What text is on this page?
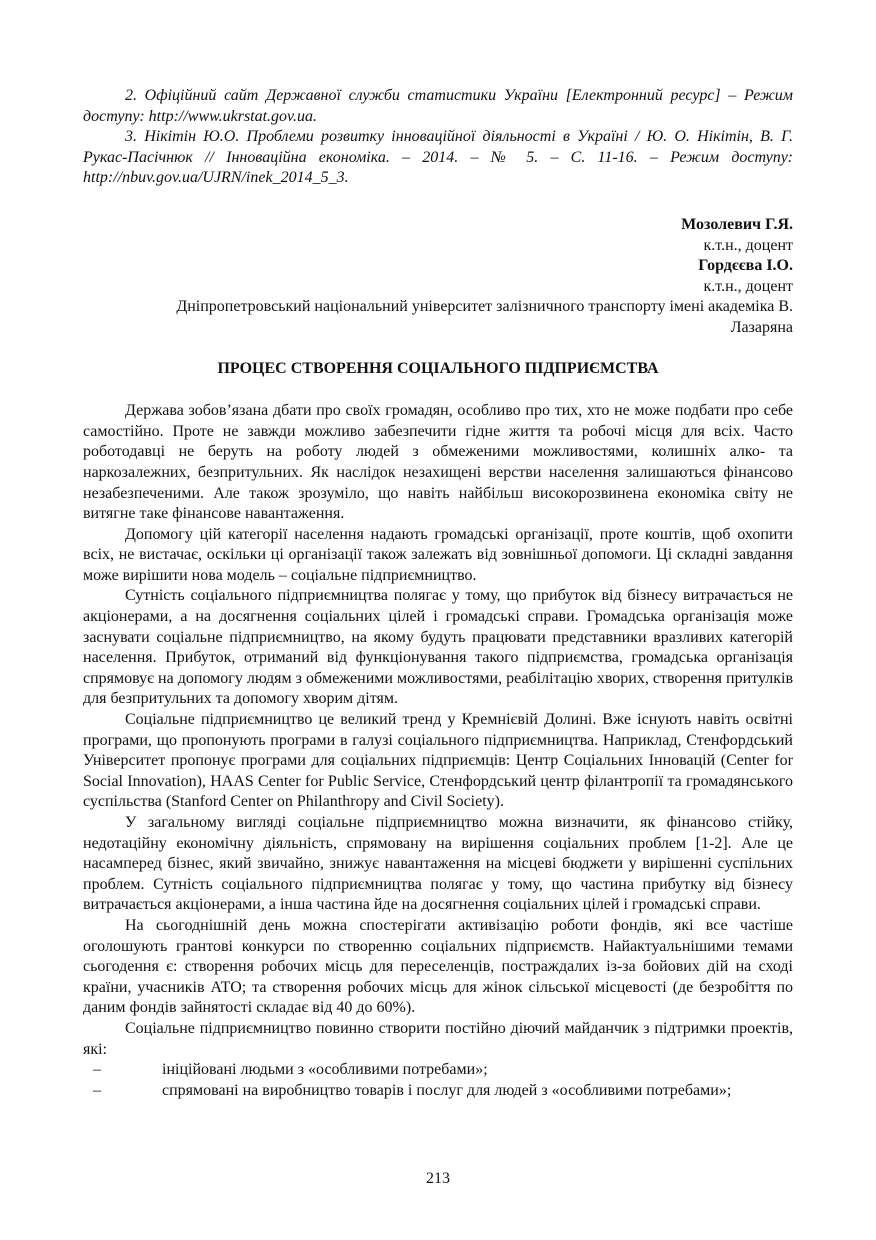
2. Офіційний сайт Державної служби статистики України [Електронний ресурс] – Режим доступу: http://www.ukrstat.gov.ua.

3. Нікітін Ю.О. Проблеми розвитку інноваційної діяльності в Україні / Ю. О. Нікітін, В. Г. Рукас-Пасічнюк // Інноваційна економіка. – 2014. – № 5. – С. 11-16. – Режим доступу: http://nbuv.gov.ua/UJRN/inek_2014_5_3.

Мозолевич Г.Я.

к.т.н., доцент

Гордєєва І.О.

к.т.н., доцент

Дніпропетровський національний університет залізничного транспорту імені академіка В. Лазаряна

ПРОЦЕС СТВОРЕННЯ СОЦІАЛЬНОГО ПІДПРИЄМСТВА

Держава зобов’язана дбати про своїх громадян, особливо про тих, хто не може подбати про себе самостійно. Проте не завжди можливо забезпечити гідне життя та робочі місця для всіх. Часто роботодавці не беруть на роботу людей з обмеженими можливостями, колишніх алко- та наркозалежних, безпритульних. Як наслідок незахищені верстви населення залишаються фінансово незабезпеченими. Але також зрозуміло, що навіть найбільш високорозвинена економіка світу не витягне таке фінансове навантаження.

Допомогу цій категорії населення надають громадські організації, проте коштів, щоб охопити всіх, не вистачає, оскільки ці організації також залежать від зовнішньої допомоги. Ці складні завдання може вирішити нова модель – соціальне підприємництво.

Сутність соціального підприємництва полягає у тому, що прибуток від бізнесу витрачається не акціонерами, а на досягнення соціальних цілей і громадські справи. Громадська організація може заснувати соціальне підприємництво, на якому будуть працювати представники вразливих категорій населення. Прибуток, отриманий від функціонування такого підприємства, громадська організація спрямовує на допомогу людям з обмеженими можливостями, реабілітацію хворих, створення притулків для безпритульних та допомогу хворим дітям.

Соціальне підприємництво це великий тренд у Кремнієвій Долині. Вже існують навіть освітні програми, що пропонують програми в галузі соціального підприємництва. Наприклад, Стенфордський Університет пропонує програми для соціальних підприємців: Центр Соціальних Інновацій (Center for Social Innovation), HAAS Center for Public Service, Стенфордський центр філантропії та громадянського суспільства (Stanford Center on Philanthropy and Civil Society).

У загальному вигляді соціальне підприємництво можна визначити, як фінансово стійку, недотаційну економічну діяльність, спрямовану на вирішення соціальних проблем [1-2]. Але це насамперед бізнес, який звичайно, знижує навантаження на місцеві бюджети у вирішенні суспільних проблем. Сутність соціального підприємництва полягає у тому, що частина прибутку від бізнесу витрачається акціонерами, а інша частина йде на досягнення соціальних цілей і громадські справи.

На сьогоднішній день можна спостерігати активізацію роботи фондів, які все частіше оголошують грантові конкурси по створенню соціальних підприємств. Найактуальнішими темами сьогодення є: створення робочих місць для переселенців, постраждалих із-за бойових дій на сході країни, учасників АТО; та створення робочих місць для жінок сільської місцевості (де безробіття по даним фондів зайнятості складає від 40 до 60%).

Соціальне підприємництво повинно створити постійно діючий майданчик з підтримки проектів, які:

–	ініційовані людьми з «особливими потребами»;
–	спрямовані на виробництво товарів і послуг для людей з «особливими потребами»;
213
